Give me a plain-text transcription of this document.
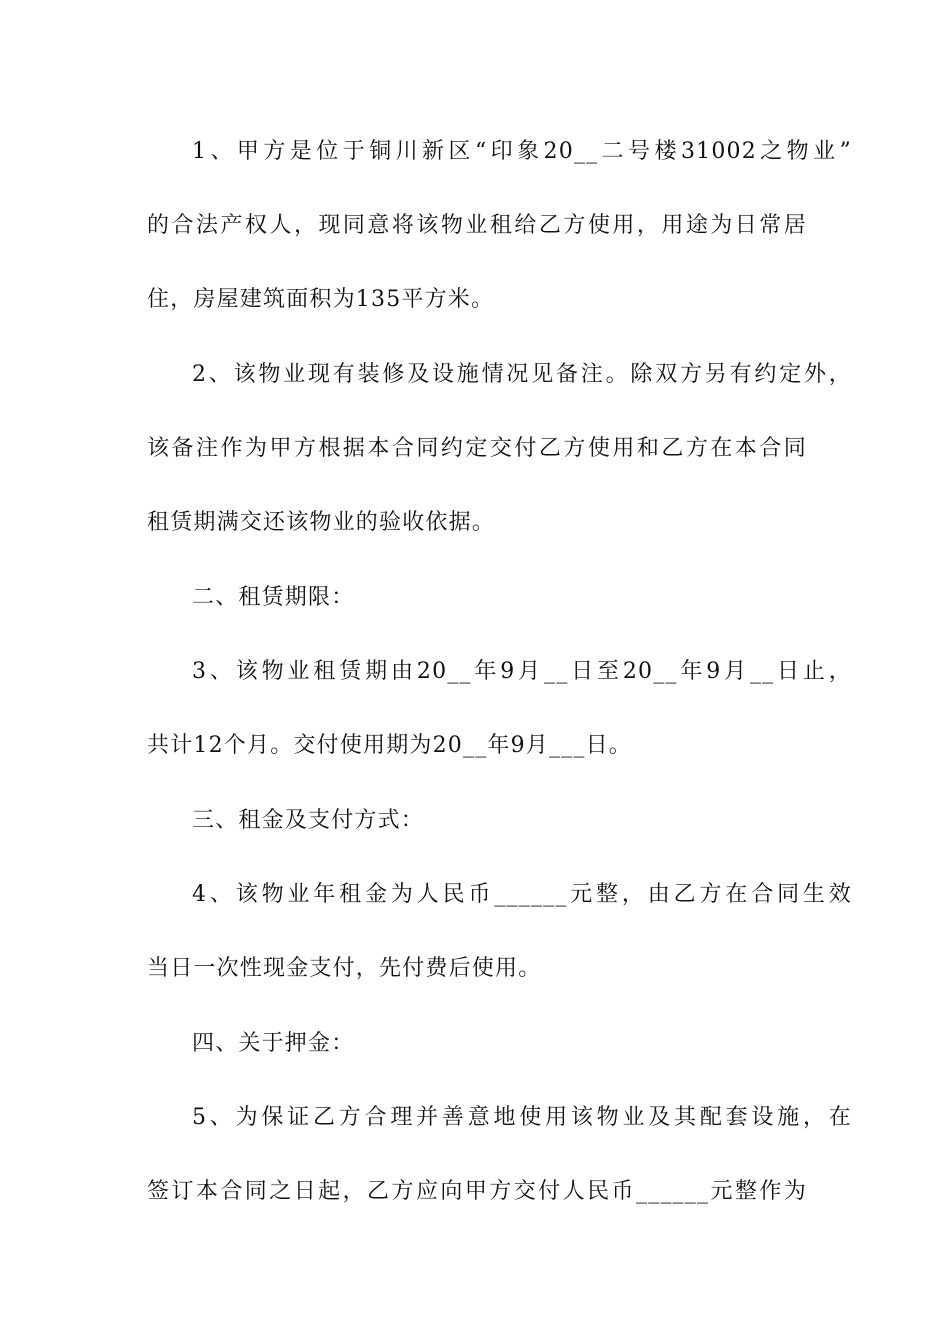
1、甲方是位于铜川新区“印象20__二号楼31002之物业”
的合法产权人，现同意将该物业租给乙方使用，用途为日常居
住，房屋建筑面积为135平方米。
2、该物业现有装修及设施情况见备注。除双方另有约定外，
该备注作为甲方根据本合同约定交付乙方使用和乙方在本合同
租赁期满交还该物业的验收依据。
二、租赁期限：
3、该物业租赁期由20__年9月__日至20__年9月__日止，
共计12个月。交付使用期为20__年9月___日。
三、租金及支付方式：
4、该物业年租金为人民币______元整，由乙方在合同生效
当日一次性现金支付，先付费后使用。
四、关于押金：
5、为保证乙方合理并善意地使用该物业及其配套设施，在
签订本合同之日起，乙方应向甲方交付人民币______元整作为
